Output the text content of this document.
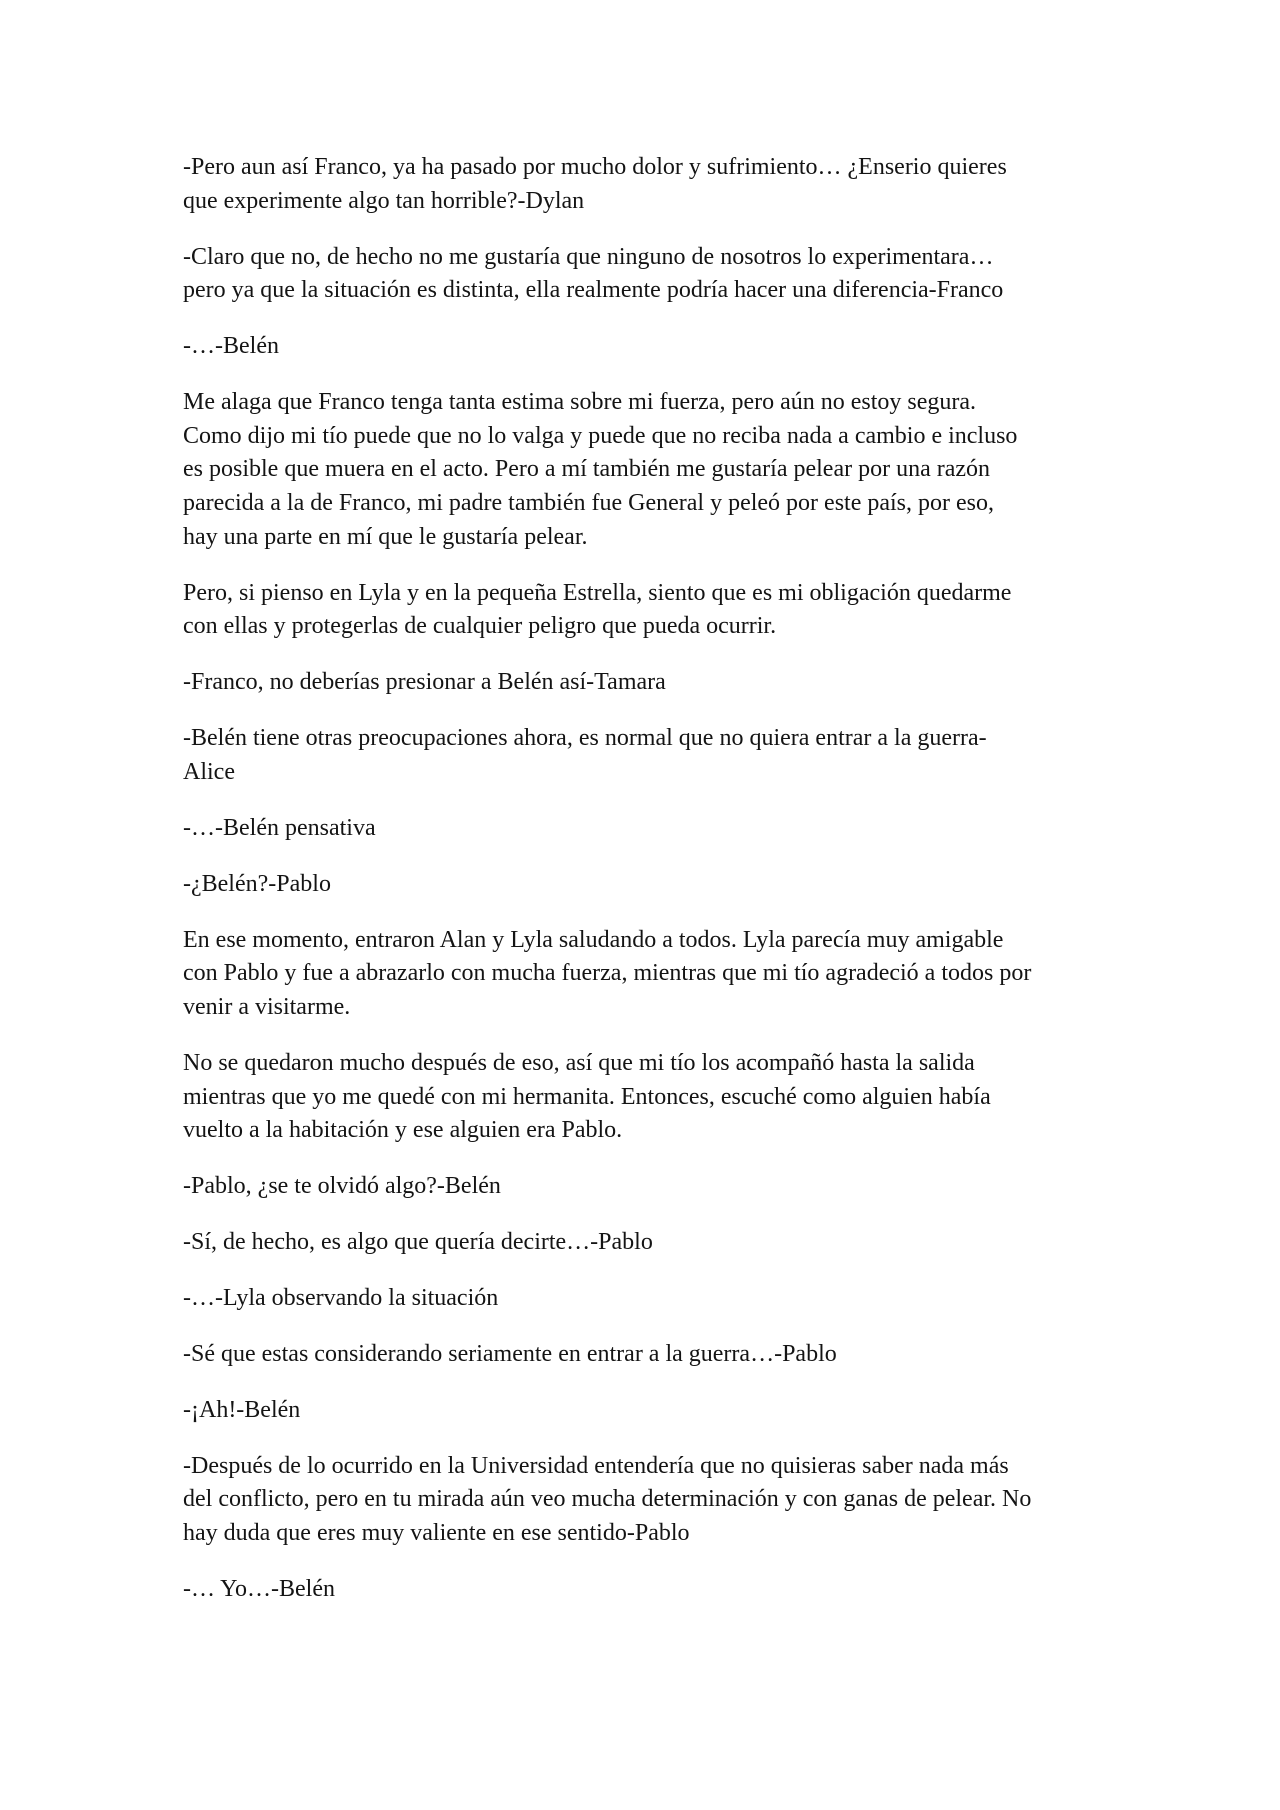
-Pero aun así Franco, ya ha pasado por mucho dolor y sufrimiento… ¿Enserio quieres
que experimente algo tan horrible?-Dylan

-Claro que no, de hecho no me gustaría que ninguno de nosotros lo experimentara…
pero ya que la situación es distinta, ella realmente podría hacer una diferencia-Franco

-…-Belén

Me alaga que Franco tenga tanta estima sobre mi fuerza, pero aún no estoy segura.
Como dijo mi tío puede que no lo valga y puede que no reciba nada a cambio e incluso
es posible que muera en el acto. Pero a mí también me gustaría pelear por una razón
parecida a la de Franco, mi padre también fue General y peleó por este país, por eso,
hay una parte en mí que le gustaría pelear.

Pero, si pienso en Lyla y en la pequeña Estrella, siento que es mi obligación quedarme
con ellas y protegerlas de cualquier peligro que pueda ocurrir.

-Franco, no deberías presionar a Belén así-Tamara

-Belén tiene otras preocupaciones ahora, es normal que no quiera entrar a la guerra-
Alice

-…-Belén pensativa

-¿Belén?-Pablo

En ese momento, entraron Alan y Lyla saludando a todos. Lyla parecía muy amigable
con Pablo y fue a abrazarlo con mucha fuerza, mientras que mi tío agradeció a todos por
venir a visitarme.

No se quedaron mucho después de eso, así que mi tío los acompañó hasta la salida
mientras que yo me quedé con mi hermanita. Entonces, escuché como alguien había
vuelto a la habitación y ese alguien era Pablo.

-Pablo, ¿se te olvidó algo?-Belén

-Sí, de hecho, es algo que quería decirte…-Pablo

-…-Lyla observando la situación

-Sé que estas considerando seriamente en entrar a la guerra…-Pablo

-¡Ah!-Belén

-Después de lo ocurrido en la Universidad entendería que no quisieras saber nada más
del conflicto, pero en tu mirada aún veo mucha determinación y con ganas de pelear. No
hay duda que eres muy valiente en ese sentido-Pablo

-… Yo…-Belén
